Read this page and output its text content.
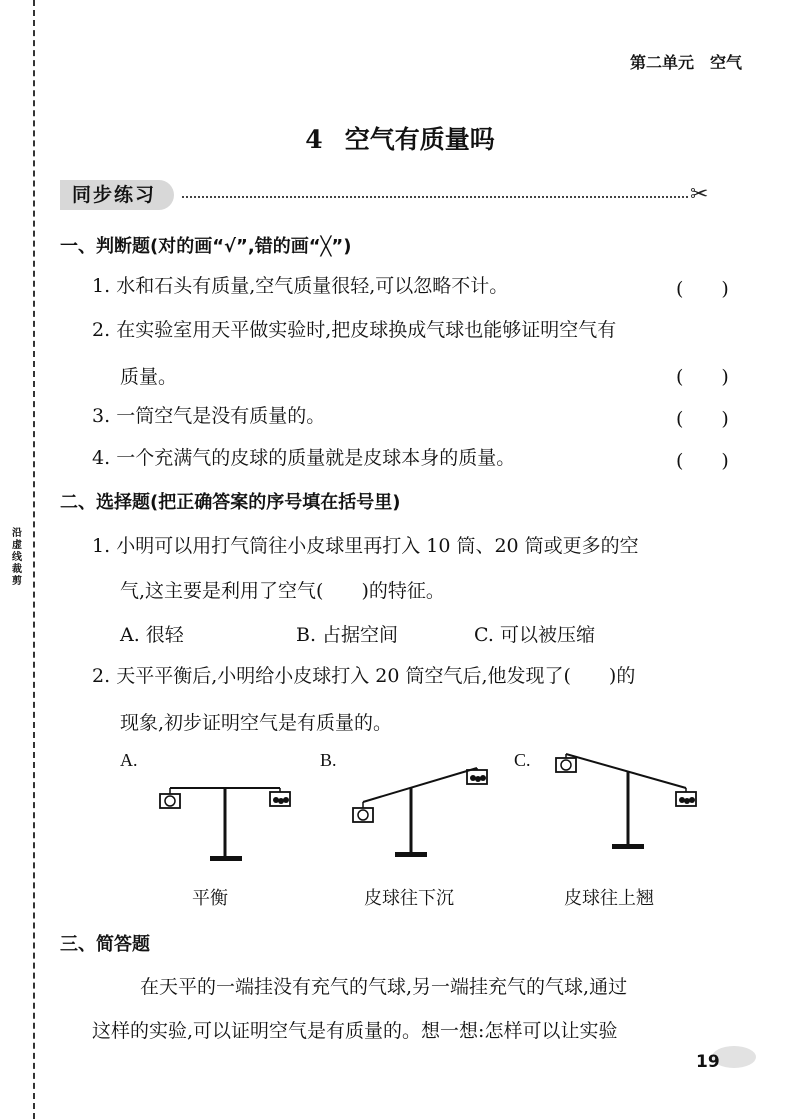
沿虚线裁剪
第二单元　空气
4 空气有质量吗
同步练习	✂
一、判断题(对的画“√”,错的画“╳”)
1. 水和石头有质量,空气质量很轻,可以忽略不计。	(　　)
2. 在实验室用天平做实验时,把皮球换成气球也能够证明空气有
质量。	(　　)
3. 一筒空气是没有质量的。	(　　)
4. 一个充满气的皮球的质量就是皮球本身的质量。	(　　)
二、选择题(把正确答案的序号填在括号里)
1. 小明可以用打气筒往小皮球里再打入 10 筒、20 筒或更多的空
气,这主要是利用了空气(　　)的特征。
A. 很轻	B. 占据空间	C. 可以被压缩
2. 天平平衡后,小明给小皮球打入 20 筒空气后,他发现了(　　)的
现象,初步证明空气是有质量的。
A.	B.	C.
平衡	皮球往下沉	皮球往上翘
三、简答题
在天平的一端挂没有充气的气球,另一端挂充气的气球,通过
这样的实验,可以证明空气是有质量的。想一想:怎样可以让实验
19
